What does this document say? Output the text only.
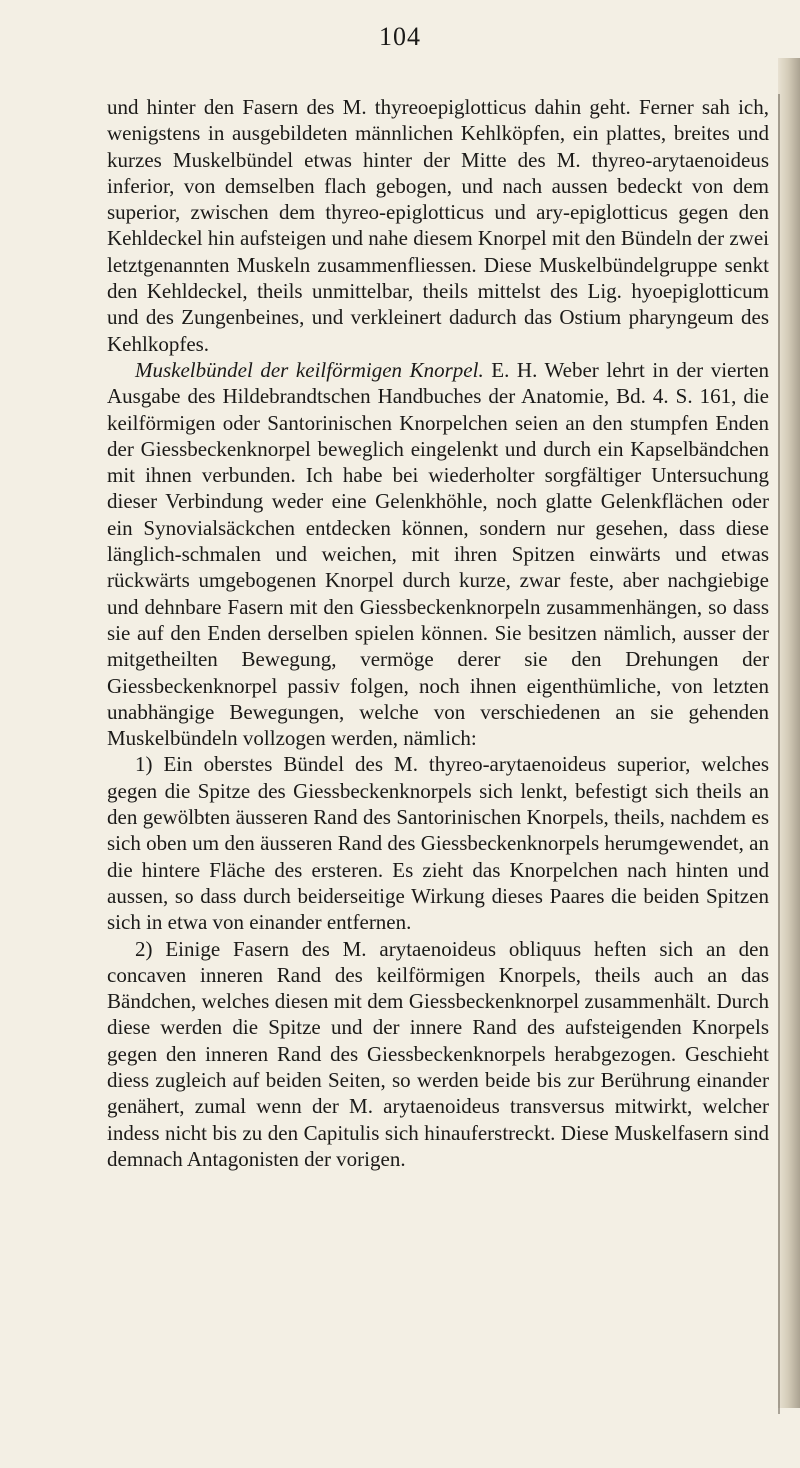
104

und hinter den Fasern des M. thyreoepiglotticus dahin geht. Ferner sah ich, wenigstens in ausgebildeten männlichen Kehlköpfen, ein plattes, breites und kurzes Muskelbündel etwas hinter der Mitte des M. thyreo-arytaenoideus inferior, von demselben flach gebogen, und nach aussen bedeckt von dem superior, zwischen dem thyreo-epiglotticus und ary-epiglotticus gegen den Kehldeckel hin aufsteigen und nahe diesem Knorpel mit den Bündeln der zwei letztgenannten Muskeln zusammenfliessen. Diese Muskelbündelgruppe senkt den Kehldeckel, theils unmittelbar, theils mittelst des Lig. hyoepiglotticum und des Zungenbeines, und verkleinert dadurch das Ostium pharyngeum des Kehlkopfes.

Muskelbündel der keilförmigen Knorpel. E. H. Weber lehrt in der vierten Ausgabe des Hildebrandtschen Handbuches der Anatomie, Bd. 4. S. 161, die keilförmigen oder Santorinischen Knorpelchen seien an den stumpfen Enden der Giessbeckenknorpel beweglich eingelenkt und durch ein Kapselbändchen mit ihnen verbunden. Ich habe bei wiederholter sorgfältiger Untersuchung dieser Verbindung weder eine Gelenkhöhle, noch glatte Gelenkflächen oder ein Synovialsäckchen entdecken können, sondern nur gesehen, dass diese länglich-schmalen und weichen, mit ihren Spitzen einwärts und etwas rückwärts umgebogenen Knorpel durch kurze, zwar feste, aber nachgiebige und dehnbare Fasern mit den Giessbeckenknorpeln zusammenhängen, so dass sie auf den Enden derselben spielen können. Sie besitzen nämlich, ausser der mitgetheilten Bewegung, vermöge derer sie den Drehungen der Giessbeckenknorpel passiv folgen, noch ihnen eigenthümliche, von letzten unabhängige Bewegungen, welche von verschiedenen an sie gehenden Muskelbündeln vollzogen werden, nämlich:

1) Ein oberstes Bündel des M. thyreo-arytaenoideus superior, welches gegen die Spitze des Giessbeckenknorpels sich lenkt, befestigt sich theils an den gewölbten äusseren Rand des Santorinischen Knorpels, theils, nachdem es sich oben um den äusseren Rand des Giessbeckenknorpels herumgewendet, an die hintere Fläche des ersteren. Es zieht das Knorpelchen nach hinten und aussen, so dass durch beiderseitige Wirkung dieses Paares die beiden Spitzen sich in etwa von einander entfernen.

2) Einige Fasern des M. arytaenoideus obliquus heften sich an den concaven inneren Rand des keilförmigen Knorpels, theils auch an das Bändchen, welches diesen mit dem Giessbeckenknorpel zusammenhält. Durch diese werden die Spitze und der innere Rand des aufsteigenden Knorpels gegen den inneren Rand des Giessbeckenknorpels herabgezogen. Geschieht diess zugleich auf beiden Seiten, so werden beide bis zur Berührung einander genähert, zumal wenn der M. arytaenoideus transversus mitwirkt, welcher indess nicht bis zu den Capitulis sich hinauferstreckt. Diese Muskelfasern sind demnach Antagonisten der vorigen.
